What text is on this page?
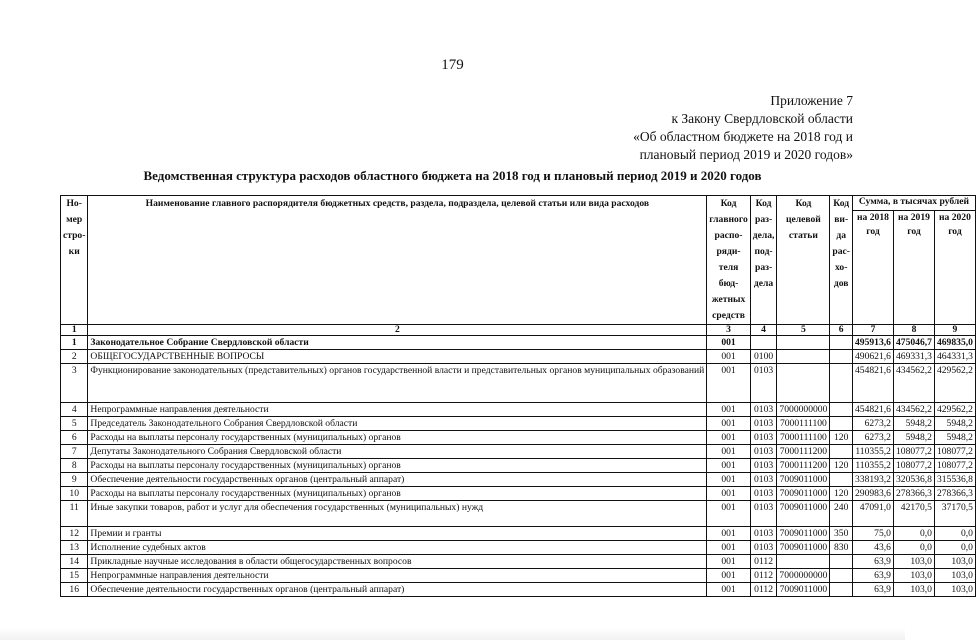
179
Приложение 7
к Закону Свердловской области
«Об областном бюджете на 2018 год и
плановый период 2019 и 2020 годов»
Ведомственная структура расходов областного бюджета на 2018 год и плановый период 2019 и 2020 годов
Но-мер стро-ки	Наименование главного распорядителя бюджетных средств, раздела, подраздела, целевой статьи или вида расходов	Код главного распо-ряди-теля бюд-жетных средств	Код раз-дела, под-раз-дела	Код целевой статьи	Код ви-да рас-хо-дов	Сумма, в тысячах рублей		
						на 2018 год	на 2019 год	на 2020 год
1	2	3	4	5	6	7	8	9
1	Законодательное Собрание Свердловской области	001				495913,6	475046,7	469835,0
2	ОБЩЕГОСУДАРСТВЕННЫЕ ВОПРОСЫ	001	0100			490621,6	469331,3	464331,3
3	Функционирование законодательных (представительных) органов государственной власти и представительных органов муниципальных образований	001	0103			454821,6	434562,2	429562,2
4	Непрограммные направления деятельности	001	0103	7000000000		454821,6	434562,2	429562,2
5	Председатель Законодательного Собрания Свердловской области	001	0103	7000111100		6273,2	5948,2	5948,2
6	Расходы на выплаты персоналу государственных (муниципальных) органов	001	0103	7000111100	120	6273,2	5948,2	5948,2
7	Депутаты Законодательного Собрания Свердловской области	001	0103	7000111200		110355,2	108077,2	108077,2
8	Расходы на выплаты персоналу государственных (муниципальных) органов	001	0103	7000111200	120	110355,2	108077,2	108077,2
9	Обеспечение деятельности государственных органов (центральный аппарат)	001	0103	7009011000		338193,2	320536,8	315536,8
10	Расходы на выплаты персоналу государственных (муниципальных) органов	001	0103	7009011000	120	290983,6	278366,3	278366,3
11	Иные закупки товаров, работ и услуг для обеспечения государственных (муниципальных) нужд	001	0103	7009011000	240	47091,0	42170,5	37170,5
12	Премии и гранты	001	0103	7009011000	350	75,0	0,0	0,0
13	Исполнение судебных актов	001	0103	7009011000	830	43,6	0,0	0,0
14	Прикладные научные исследования в области общегосударственных вопросов	001	0112			63,9	103,0	103,0
15	Непрограммные направления деятельности	001	0112	7000000000		63,9	103,0	103,0
16	Обеспечение деятельности государственных органов (центральный аппарат)	001	0112	7009011000		63,9	103,0	103,0
